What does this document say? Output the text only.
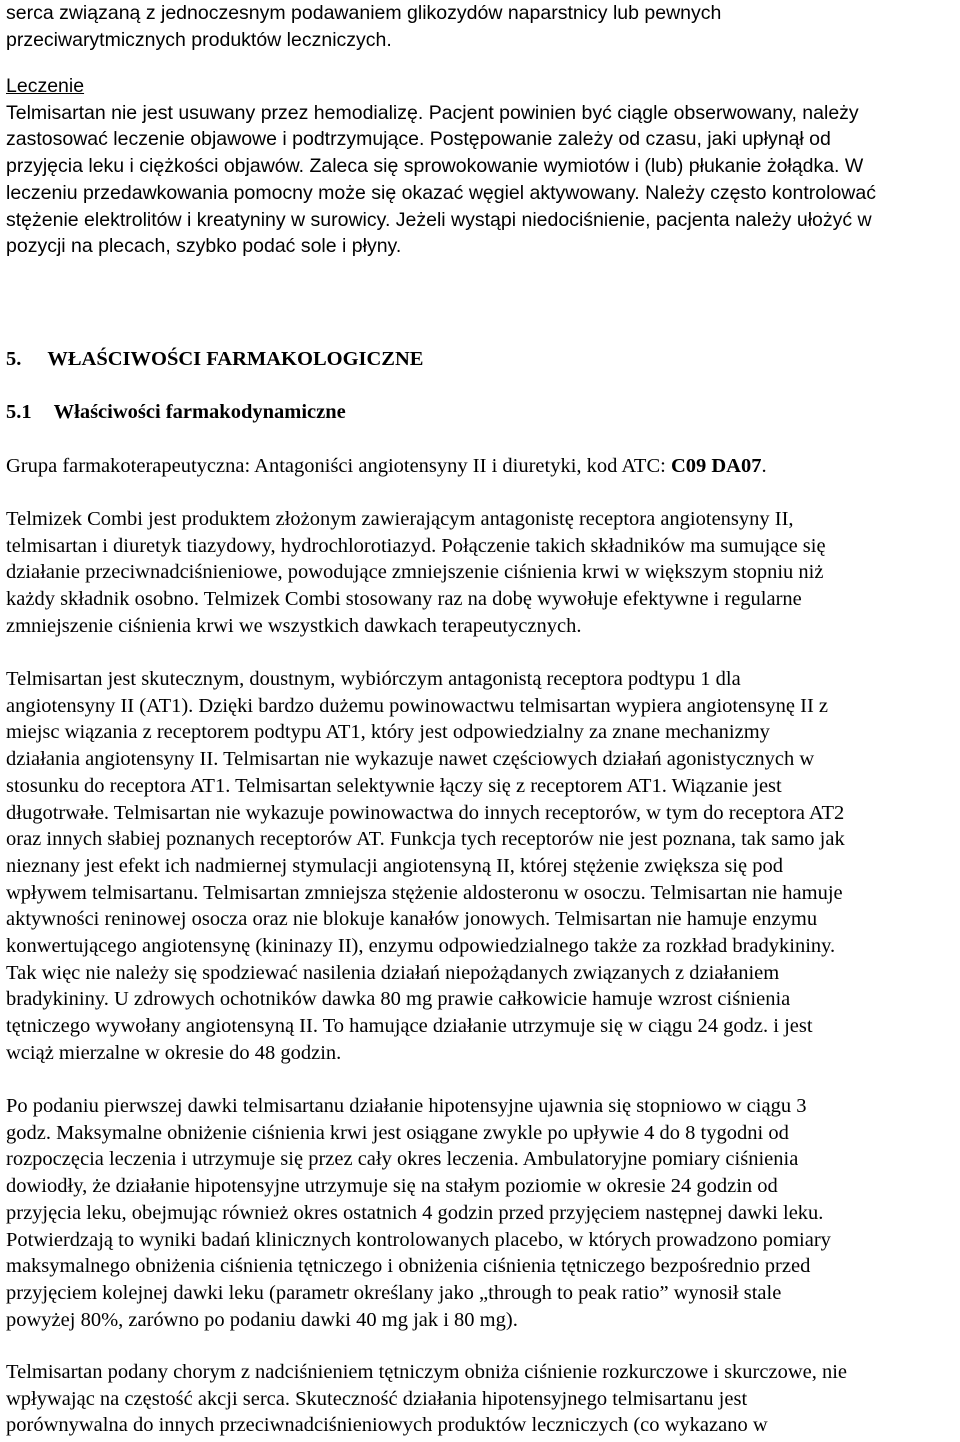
serca związaną z jednoczesnym podawaniem glikozydów naparstnicy lub pewnych
przeciwarytmicznych produktów leczniczych.
Leczenie
Telmisartan nie jest usuwany przez hemodializę. Pacjent powinien być ciągle obserwowany, należy
zastosować leczenie objawowe i podtrzymujące. Postępowanie zależy od czasu, jaki upłynął od
przyjęcia leku i ciężkości objawów. Zaleca się sprowokowanie wymiotów i (lub) płukanie żołądka. W
leczeniu przedawkowania pomocny może się okazać węgiel aktywowany. Należy często kontrolować
stężenie elektrolitów i kreatyniny w surowicy. Jeżeli wystąpi niedociśnienie, pacjenta należy ułożyć w
pozycji na plecach, szybko podać sole i płyny.
5. WŁAŚCIWOŚCI FARMAKOLOGICZNE
5.1 Właściwości farmakodynamiczne
Grupa farmakoterapeutyczna: Antagoniści angiotensyny II i diuretyki, kod ATC: C09 DA07.
Telmizek Combi jest produktem złożonym zawierającym antagonistę receptora angiotensyny II,
telmisartan i diuretyk tiazydowy, hydrochlorotiazyd. Połączenie takich składników ma sumujące się
działanie przeciwnadciśnieniowe, powodujące zmniejszenie ciśnienia krwi w większym stopniu niż
każdy składnik osobno. Telmizek Combi stosowany raz na dobę wywołuje efektywne i regularne
zmniejszenie ciśnienia krwi we wszystkich dawkach terapeutycznych.
Telmisartan jest skutecznym, doustnym, wybiórczym antagonistą receptora podtypu 1 dla
angiotensyny II (AT1). Dzięki bardzo dużemu powinowactwu telmisartan wypiera angiotensynę II z
miejsc wiązania z receptorem podtypu AT1, który jest odpowiedzialny za znane mechanizmy
działania angiotensyny II. Telmisartan nie wykazuje nawet częściowych działań agonistycznych w
stosunku do receptora AT1. Telmisartan selektywnie łączy się z receptorem AT1. Wiązanie jest
długotrwałe. Telmisartan nie wykazuje powinowactwa do innych receptorów, w tym do receptora AT2
oraz innych słabiej poznanych receptorów AT. Funkcja tych receptorów nie jest poznana, tak samo jak
nieznany jest efekt ich nadmiernej stymulacji angiotensyną II, której stężenie zwiększa się pod
wpływem telmisartanu. Telmisartan zmniejsza stężenie aldosteronu w osoczu. Telmisartan nie hamuje
aktywności reninowej osocza oraz nie blokuje kanałów jonowych. Telmisartan nie hamuje enzymu
konwertującego angiotensynę (kininazy II), enzymu odpowiedzialnego także za rozkład bradykininy.
Tak więc nie należy się spodziewać nasilenia działań niepożądanych związanych z działaniem
bradykininy. U zdrowych ochotników dawka 80 mg prawie całkowicie hamuje wzrost ciśnienia
tętniczego wywołany angiotensyną II. To hamujące działanie utrzymuje się w ciągu 24 godz. i jest
wciąż mierzalne w okresie do 48 godzin.
Po podaniu pierwszej dawki telmisartanu działanie hipotensyjne ujawnia się stopniowo w ciągu 3
godz. Maksymalne obniżenie ciśnienia krwi jest osiągane zwykle po upływie 4 do 8 tygodni od
rozpoczęcia leczenia i utrzymuje się przez cały okres leczenia. Ambulatoryjne pomiary ciśnienia
dowiodły, że działanie hipotensyjne utrzymuje się na stałym poziomie w okresie 24 godzin od
przyjęcia leku, obejmując również okres ostatnich 4 godzin przed przyjęciem następnej dawki leku.
Potwierdzają to wyniki badań klinicznych kontrolowanych placebo, w których prowadzono pomiary
maksymalnego obniżenia ciśnienia tętniczego i obniżenia ciśnienia tętniczego bezpośrednio przed
przyjęciem kolejnej dawki leku (parametr określany jako „through to peak ratio” wynosił stale
powyżej 80%, zarówno po podaniu dawki 40 mg jak i 80 mg).
Telmisartan podany chorym z nadciśnieniem tętniczym obniża ciśnienie rozkurczowe i skurczowe, nie
wpływając na częstość akcji serca. Skuteczność działania hipotensyjnego telmisartanu jest
porównywalna do innych przeciwnadciśnieniowych produktów leczniczych (co wykazano w
